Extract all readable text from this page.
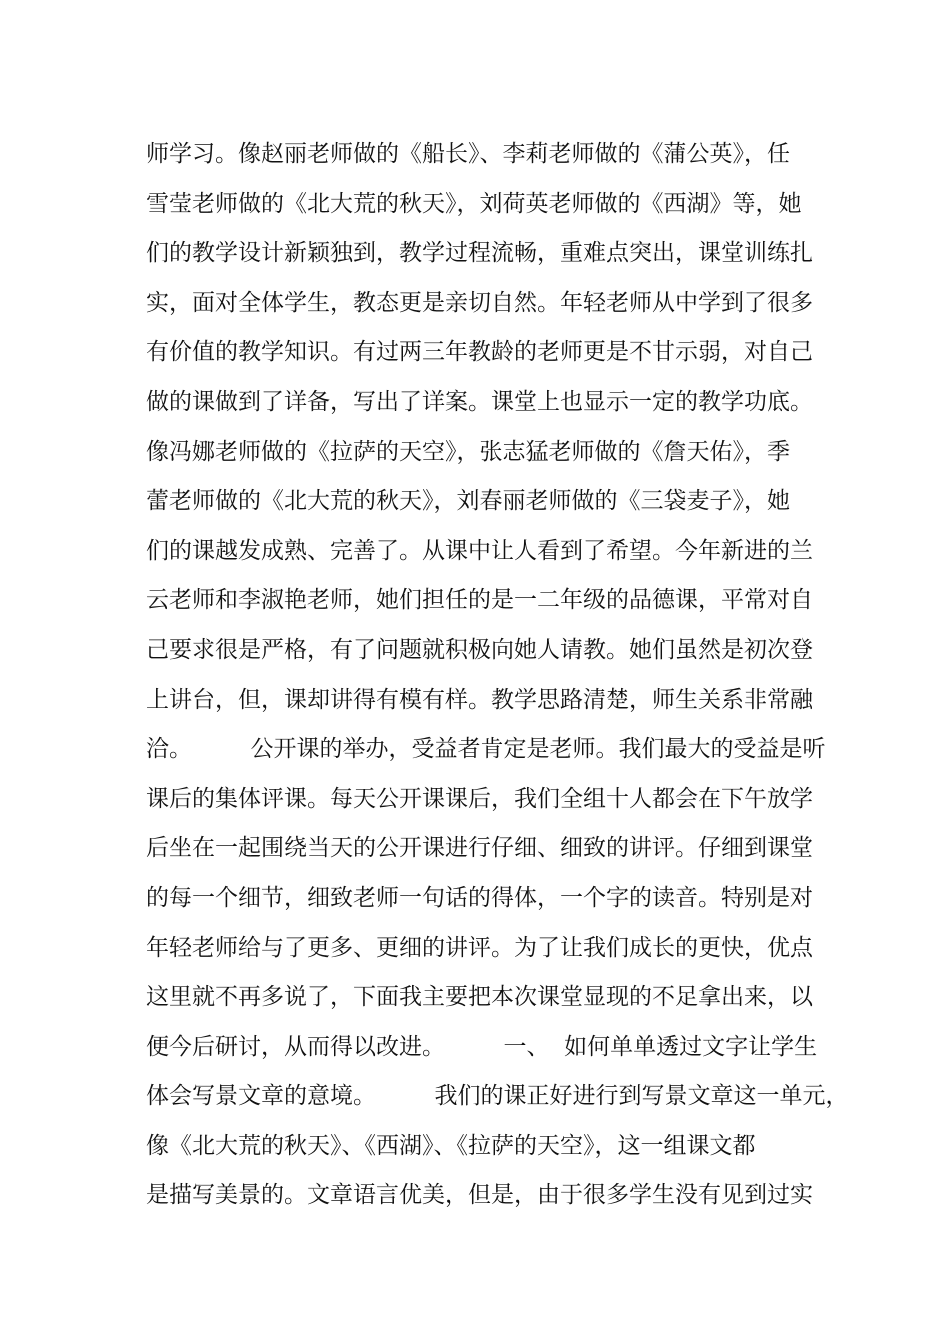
师学习。像赵丽老师做的《船长》、李莉老师做的《蒲公英》，任
雪莹老师做的《北大荒的秋天》，刘荷英老师做的《西湖》等，她
们的教学设计新颖独到，教学过程流畅，重难点突出，课堂训练扎
实，面对全体学生，教态更是亲切自然。年轻老师从中学到了很多
有价值的教学知识。有过两三年教龄的老师更是不甘示弱，对自己
做的课做到了详备，写出了详案。课堂上也显示一定的教学功底。
像冯娜老师做的《拉萨的天空》，张志猛老师做的《詹天佑》，季
蕾老师做的《北大荒的秋天》，刘春丽老师做的《三袋麦子》，她
们的课越发成熟、完善了。从课中让人看到了希望。今年新进的兰
云老师和李淑艳老师，她们担任的是一二年级的品德课，平常对自
己要求很是严格，有了问题就积极向她人请教。她们虽然是初次登
上讲台，但，课却讲得有模有样。教学思路清楚，师生关系非常融
洽。        公开课的举办，受益者肯定是老师。我们最大的受益是听
课后的集体评课。每天公开课课后，我们全组十人都会在下午放学
后坐在一起围绕当天的公开课进行仔细、细致的讲评。仔细到课堂
的每一个细节，细致老师一句话的得体，一个字的读音。特别是对
年轻老师给与了更多、更细的讲评。为了让我们成长的更快，优点
这里就不再多说了，下面我主要把本次课堂显现的不足拿出来，以
便今后研讨，从而得以改进。        一、  如何单单透过文字让学生
体会写景文章的意境。        我们的课正好进行到写景文章这一单元，
像《北大荒的秋天》、《西湖》、《拉萨的天空》，这一组课文都
是描写美景的。文章语言优美，但是，由于很多学生没有见到过实
